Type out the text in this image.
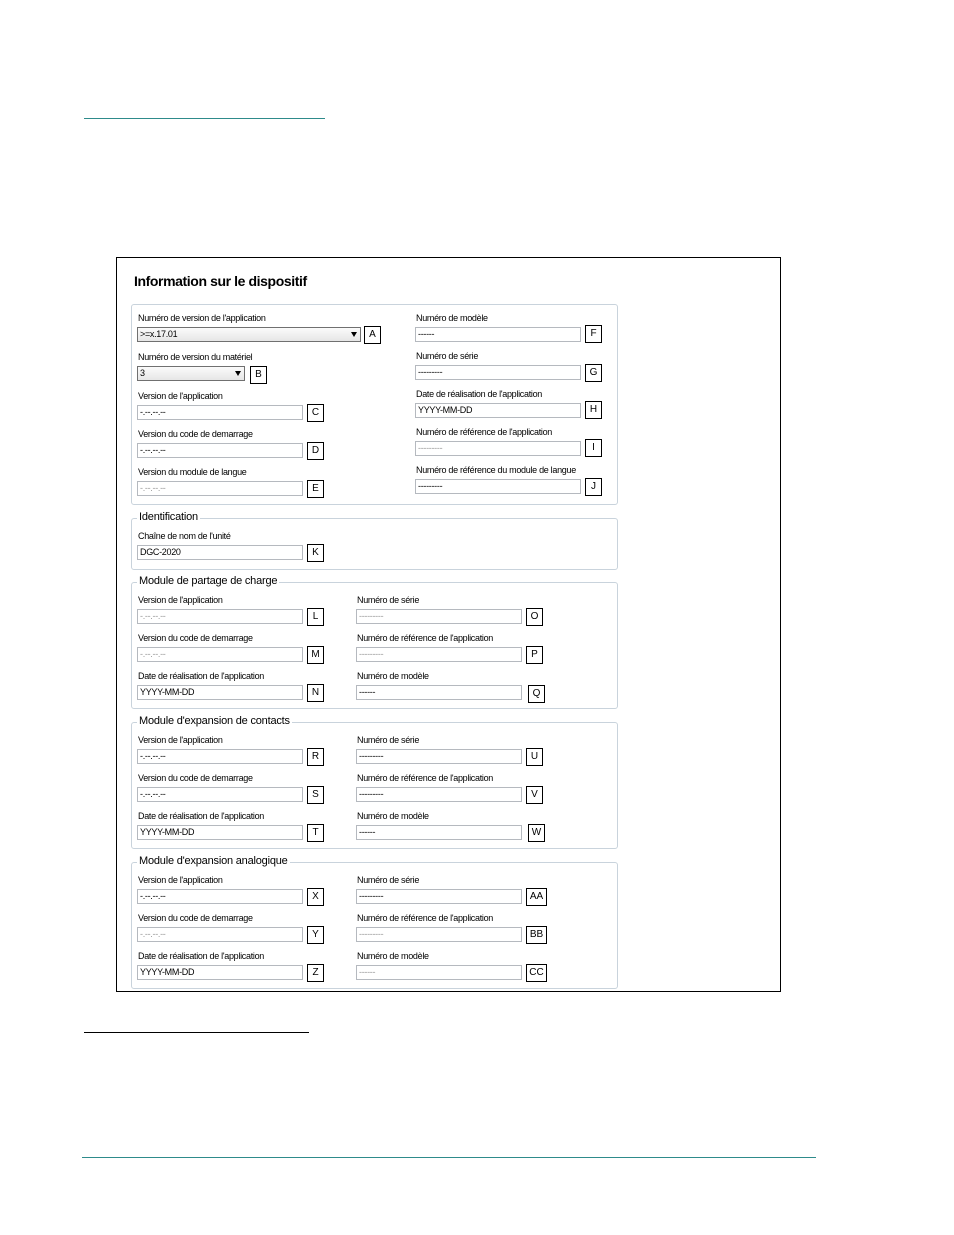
Information sur le dispositif
Numéro de version de l'application
>=x.17.01	A
Numéro de version du matériel
3	B
Version de l'application
-.--.--.--	C
Version du code de demarrage
-.--.--.--	D
Version du module de langue
-.--.--.--	E
Numéro de modèle
------	F
Numéro de série
---------	G
Date de réalisation de l'application
YYYY-MM-DD	H
Numéro de référence de l'application
---------	I
Numéro de référence du module de langue
---------	J
Identification
Chaîne de nom de l'unité
DGC-2020	K
Module de partage de charge
Version de l'application
-.--.--.--	L
Version du code de demarrage
-.--.--.--	M
Date de réalisation de l'application
YYYY-MM-DD	N
Numéro de série
---------	O
Numéro de référence de l'application
---------	P
Numéro de modèle
------	Q
Module d'expansion de contacts
Version de l'application
-.--.--.--	R
Version du code de demarrage
-.--.--.--	S
Date de réalisation de l'application
YYYY-MM-DD	T
Numéro de série
---------	U
Numéro de référence de l'application
---------	V
Numéro de modèle
------	W
Module d'expansion analogique
Version de l'application
-.--.--.--	X
Version du code de demarrage
-.--.--.--	Y
Date de réalisation de l'application
YYYY-MM-DD	Z
Numéro de série
---------	AA
Numéro de référence de l'application
---------	BB
Numéro de modèle
------	CC
